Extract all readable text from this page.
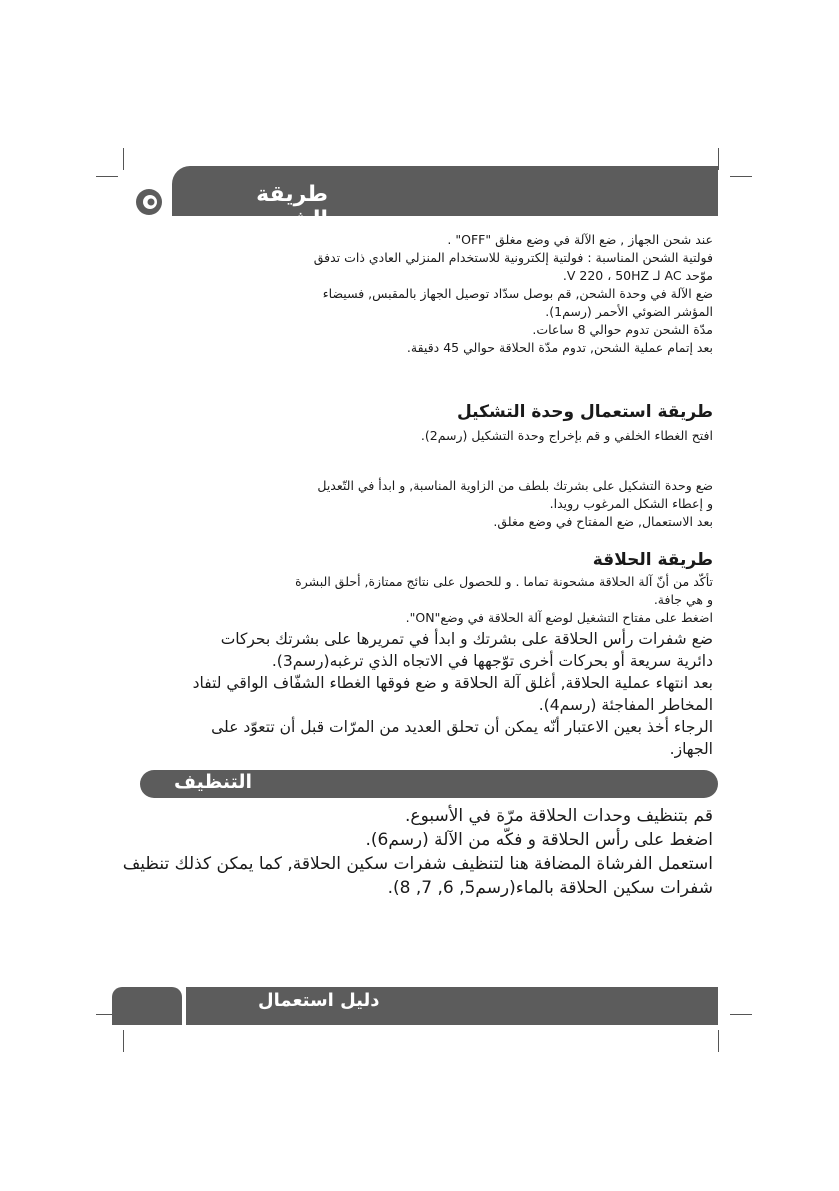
طريقة الشحن
عند شحن الجهاز , ضع الآلة في وضع مغلق "OFF" .
فولتية الشحن المناسبة : فولتية إلكترونية للاستخدام المنزلي العادي ذات تدفق
موّحد AC لـ V 220 ، 50HZ.
ضع الآلة في وحدة الشحن, قم بوصل سدّاد توصيل الجهاز بالمقبس, فسيضاء
المؤشر الضوئي الأحمر (رسم1).
مدّة الشحن تدوم حوالي 8 ساعات.
بعد إتمام عملية الشحن, تدوم مدّة الحلاقة حوالي 45 دقيقة.
طريقة استعمال وحدة التشكيل
افتح الغطاء الخلفي و قم بإخراج وحدة التشكيل (رسم2).
ضع وحدة التشكيل على بشرتك بلطف من الزاوية المناسبة, و ابدأ في التّعديل
و إعطاء الشكل المرغوب رويدا.
بعد الاستعمال, ضع المفتاح في وضع مغلق.
طريقة الحلاقة
تأكّد من أنّ آلة الحلاقة مشحونة تماما . و للحصول على نتائج ممتازة, أحلق البشرة
و هي جافة.
اضغط على مفتاح التشغيل لوضع آلة الحلاقة في وضع"ON".
ضع شفرات رأس الحلاقة على بشرتك و ابدأ في تمريرها على بشرتك بحركات
دائرية سريعة أو بحركات أخرى توّجهها في الاتجاه الذي ترغبه(رسم3).
بعد انتهاء عملية الحلاقة, أغلق آلة الحلاقة و ضع فوقها الغطاء الشفّاف الواقي لتفاد
المخاطر المفاجئة (رسم4).
الرجاء أخذ بعين الاعتبار أنّه يمكن أن تحلق العديد من المرّات قبل أن تتعوّد على
الجهاز.
التنظيف
قم بتنظيف وحدات الحلاقة مرّة في الأسبوع.
اضغط على رأس الحلاقة و فكّه من الآلة (رسم6).
استعمل الفرشاة المضافة هنا لتنظيف شفرات سكين الحلاقة, كما يمكن كذلك تنظيف
شفرات سكين الحلاقة بالماء(رسم5, 6, 7, 8).
دليل استعمال
